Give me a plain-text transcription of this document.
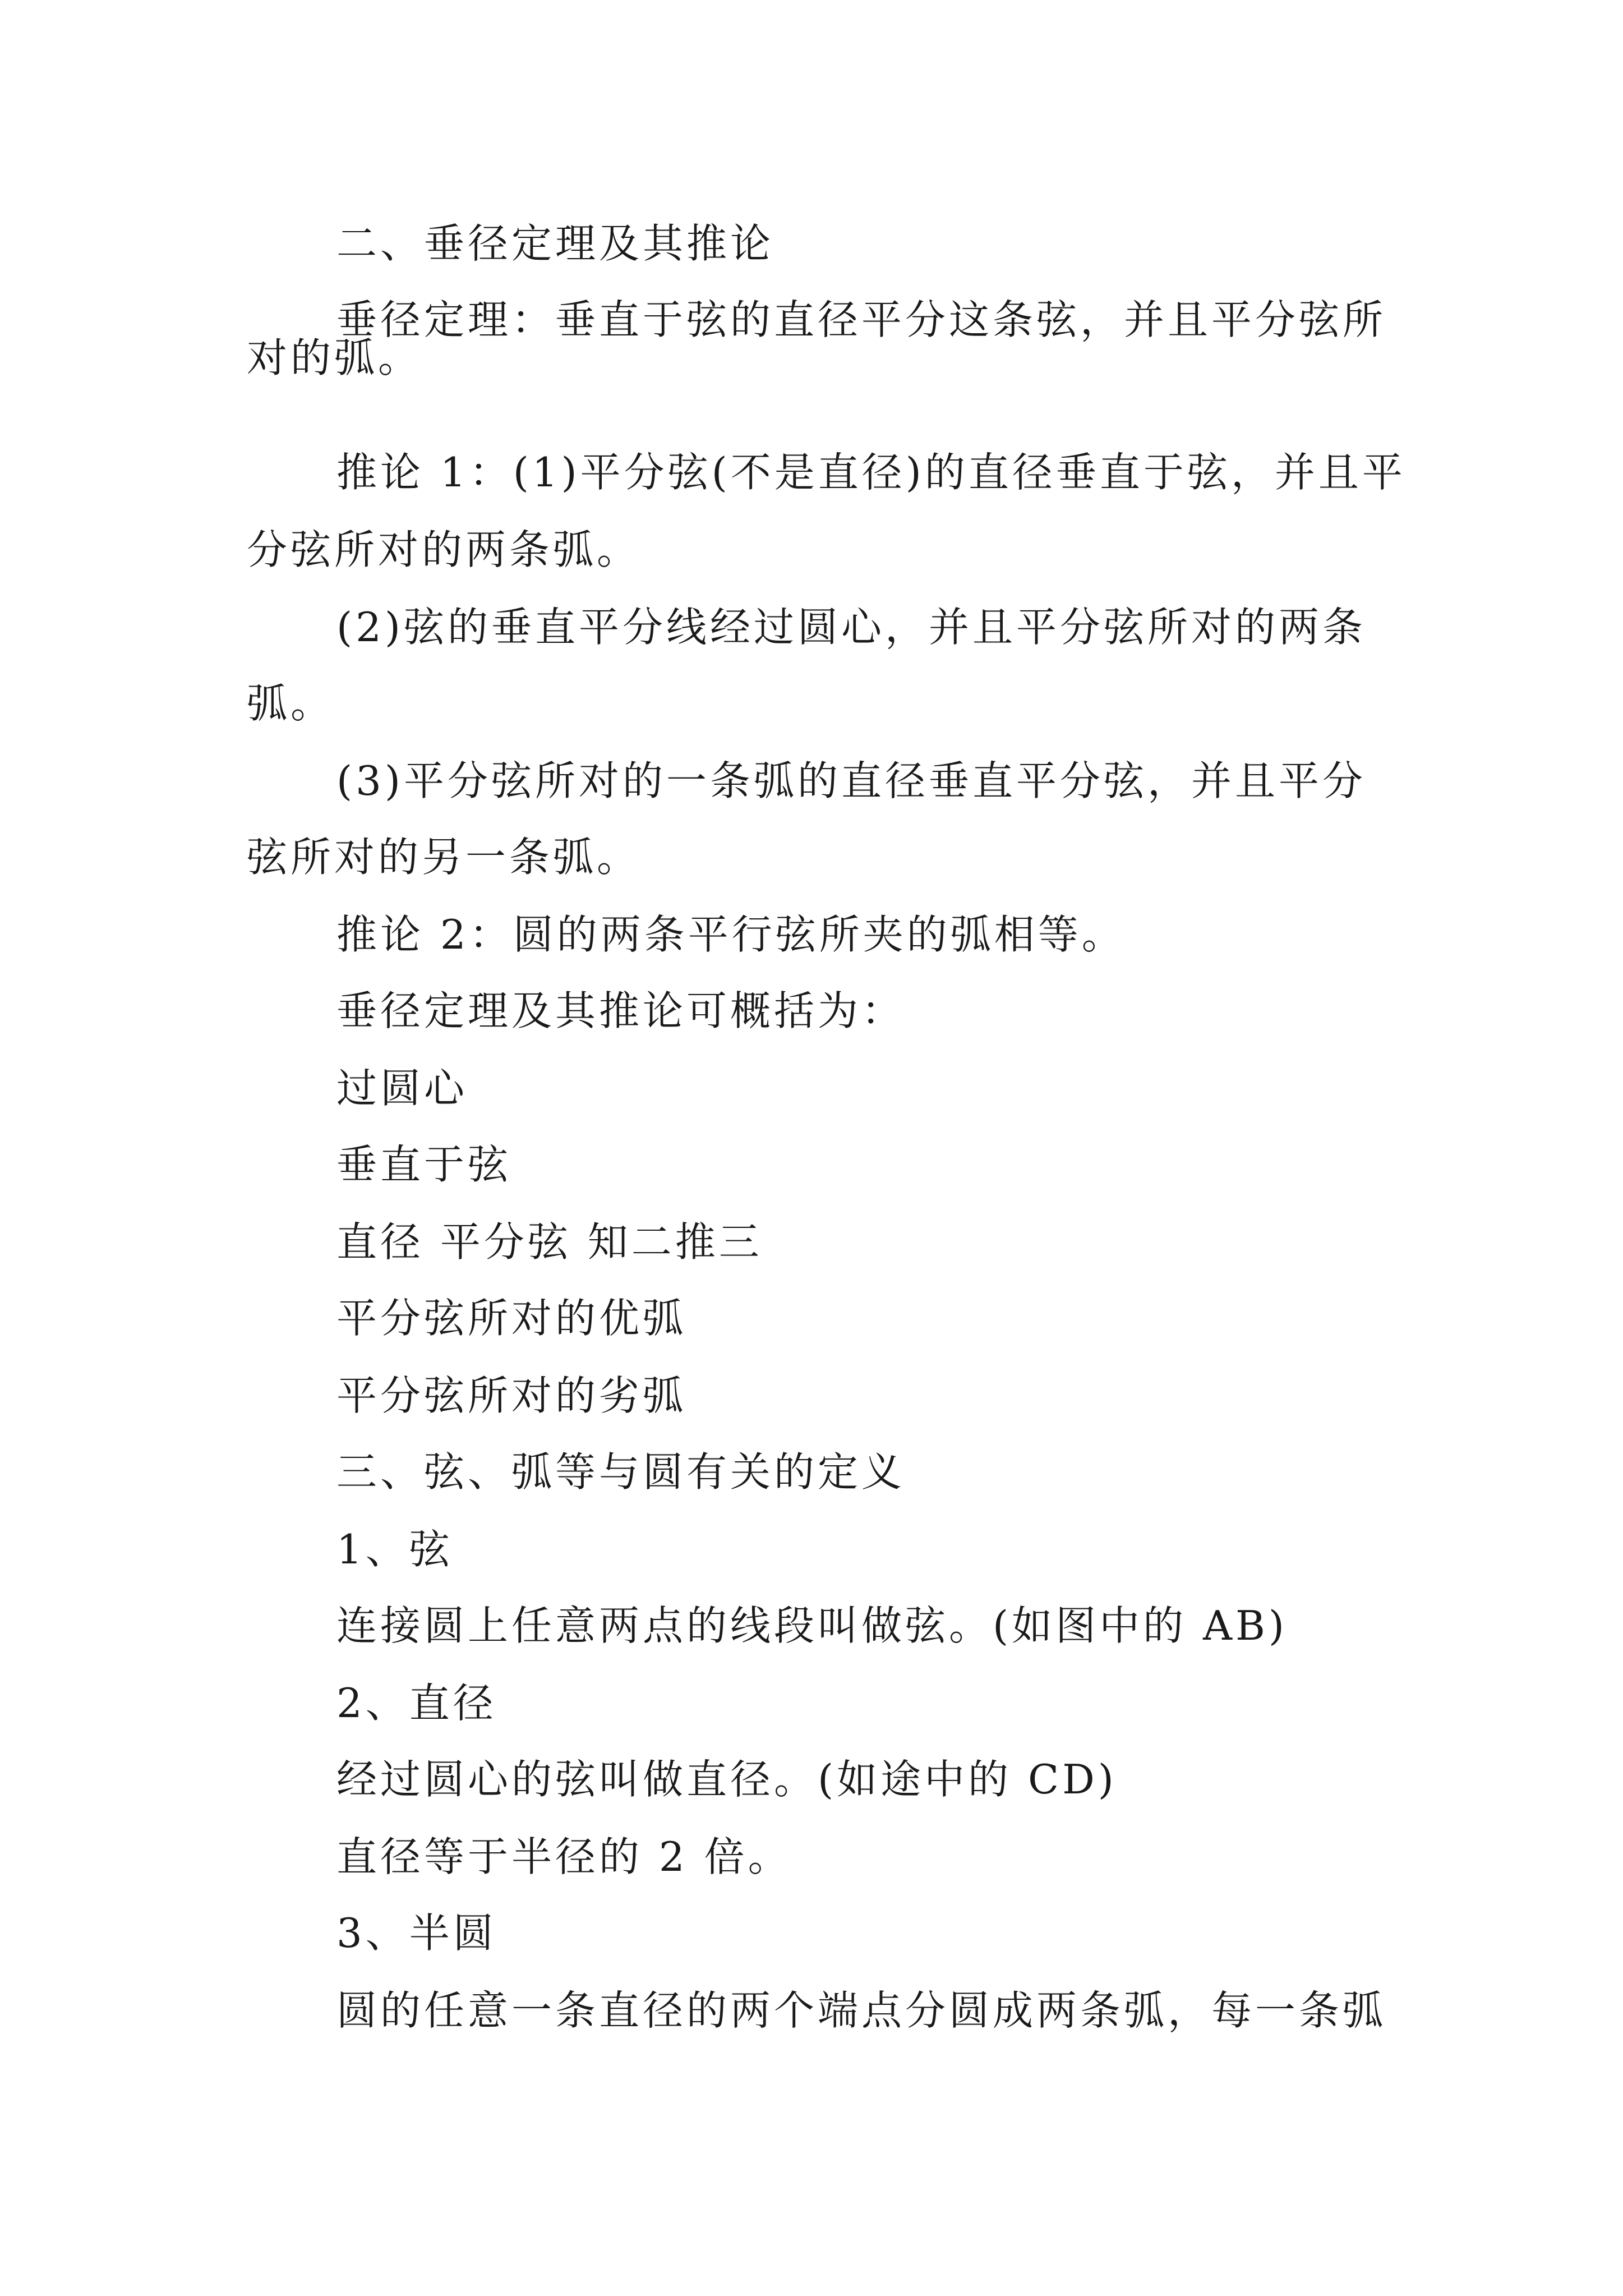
二、垂径定理及其推论
垂径定理：垂直于弦的直径平分这条弦，并且平分弦所
对的弧。
推论 1：(1)平分弦(不是直径)的直径垂直于弦，并且平
分弦所对的两条弧。
(2)弦的垂直平分线经过圆心，并且平分弦所对的两条
弧。
(3)平分弦所对的一条弧的直径垂直平分弦，并且平分
弦所对的另一条弧。
推论 2：圆的两条平行弦所夹的弧相等。
垂径定理及其推论可概括为：
过圆心
垂直于弦
直径 平分弦 知二推三
平分弦所对的优弧
平分弦所对的劣弧
三、弦、弧等与圆有关的定义
1、弦
连接圆上任意两点的线段叫做弦。(如图中的 AB)
2、直径
经过圆心的弦叫做直径。(如途中的 CD)
直径等于半径的 2 倍。
3、半圆
圆的任意一条直径的两个端点分圆成两条弧，每一条弧
